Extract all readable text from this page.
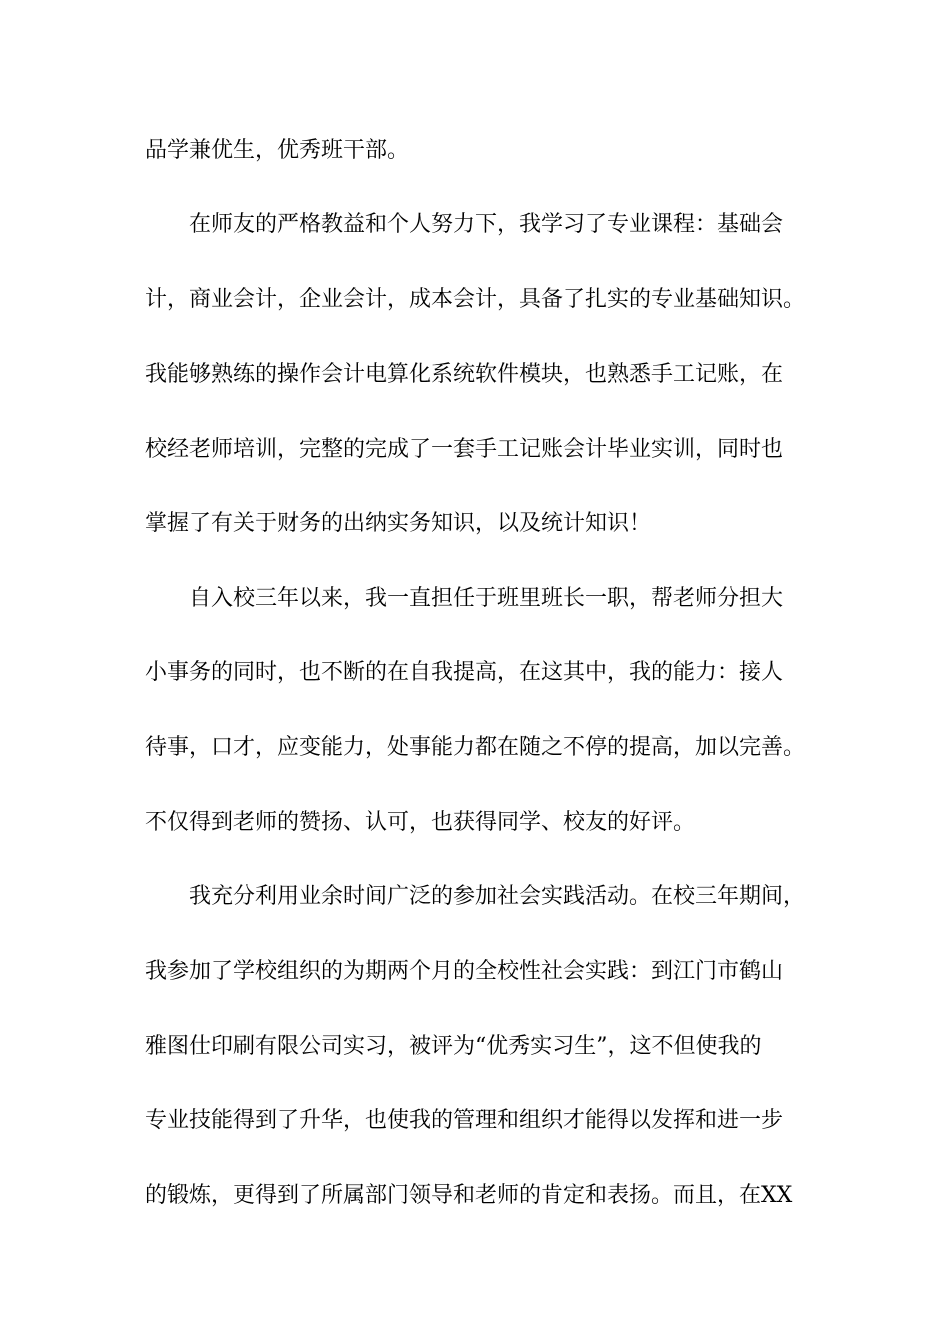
品学兼优生，优秀班干部。
在师友的严格教益和个人努力下，我学习了专业课程：基础会
计，商业会计，企业会计，成本会计，具备了扎实的专业基础知识。
我能够熟练的操作会计电算化系统软件模块，也熟悉手工记账，在
校经老师培训，完整的完成了一套手工记账会计毕业实训，同时也
掌握了有关于财务的出纳实务知识，以及统计知识！
自入校三年以来，我一直担任于班里班长一职，帮老师分担大
小事务的同时，也不断的在自我提高，在这其中，我的能力：接人
待事，口才，应变能力，处事能力都在随之不停的提高，加以完善。
不仅得到老师的赞扬、认可，也获得同学、校友的好评。
我充分利用业余时间广泛的参加社会实践活动。在校三年期间，
我参加了学校组织的为期两个月的全校性社会实践：到江门市鹤山
雅图仕印刷有限公司实习，被评为“优秀实习生”，这不但使我的
专业技能得到了升华，也使我的管理和组织才能得以发挥和进一步
的锻炼，更得到了所属部门领导和老师的肯定和表扬。而且，在XX
